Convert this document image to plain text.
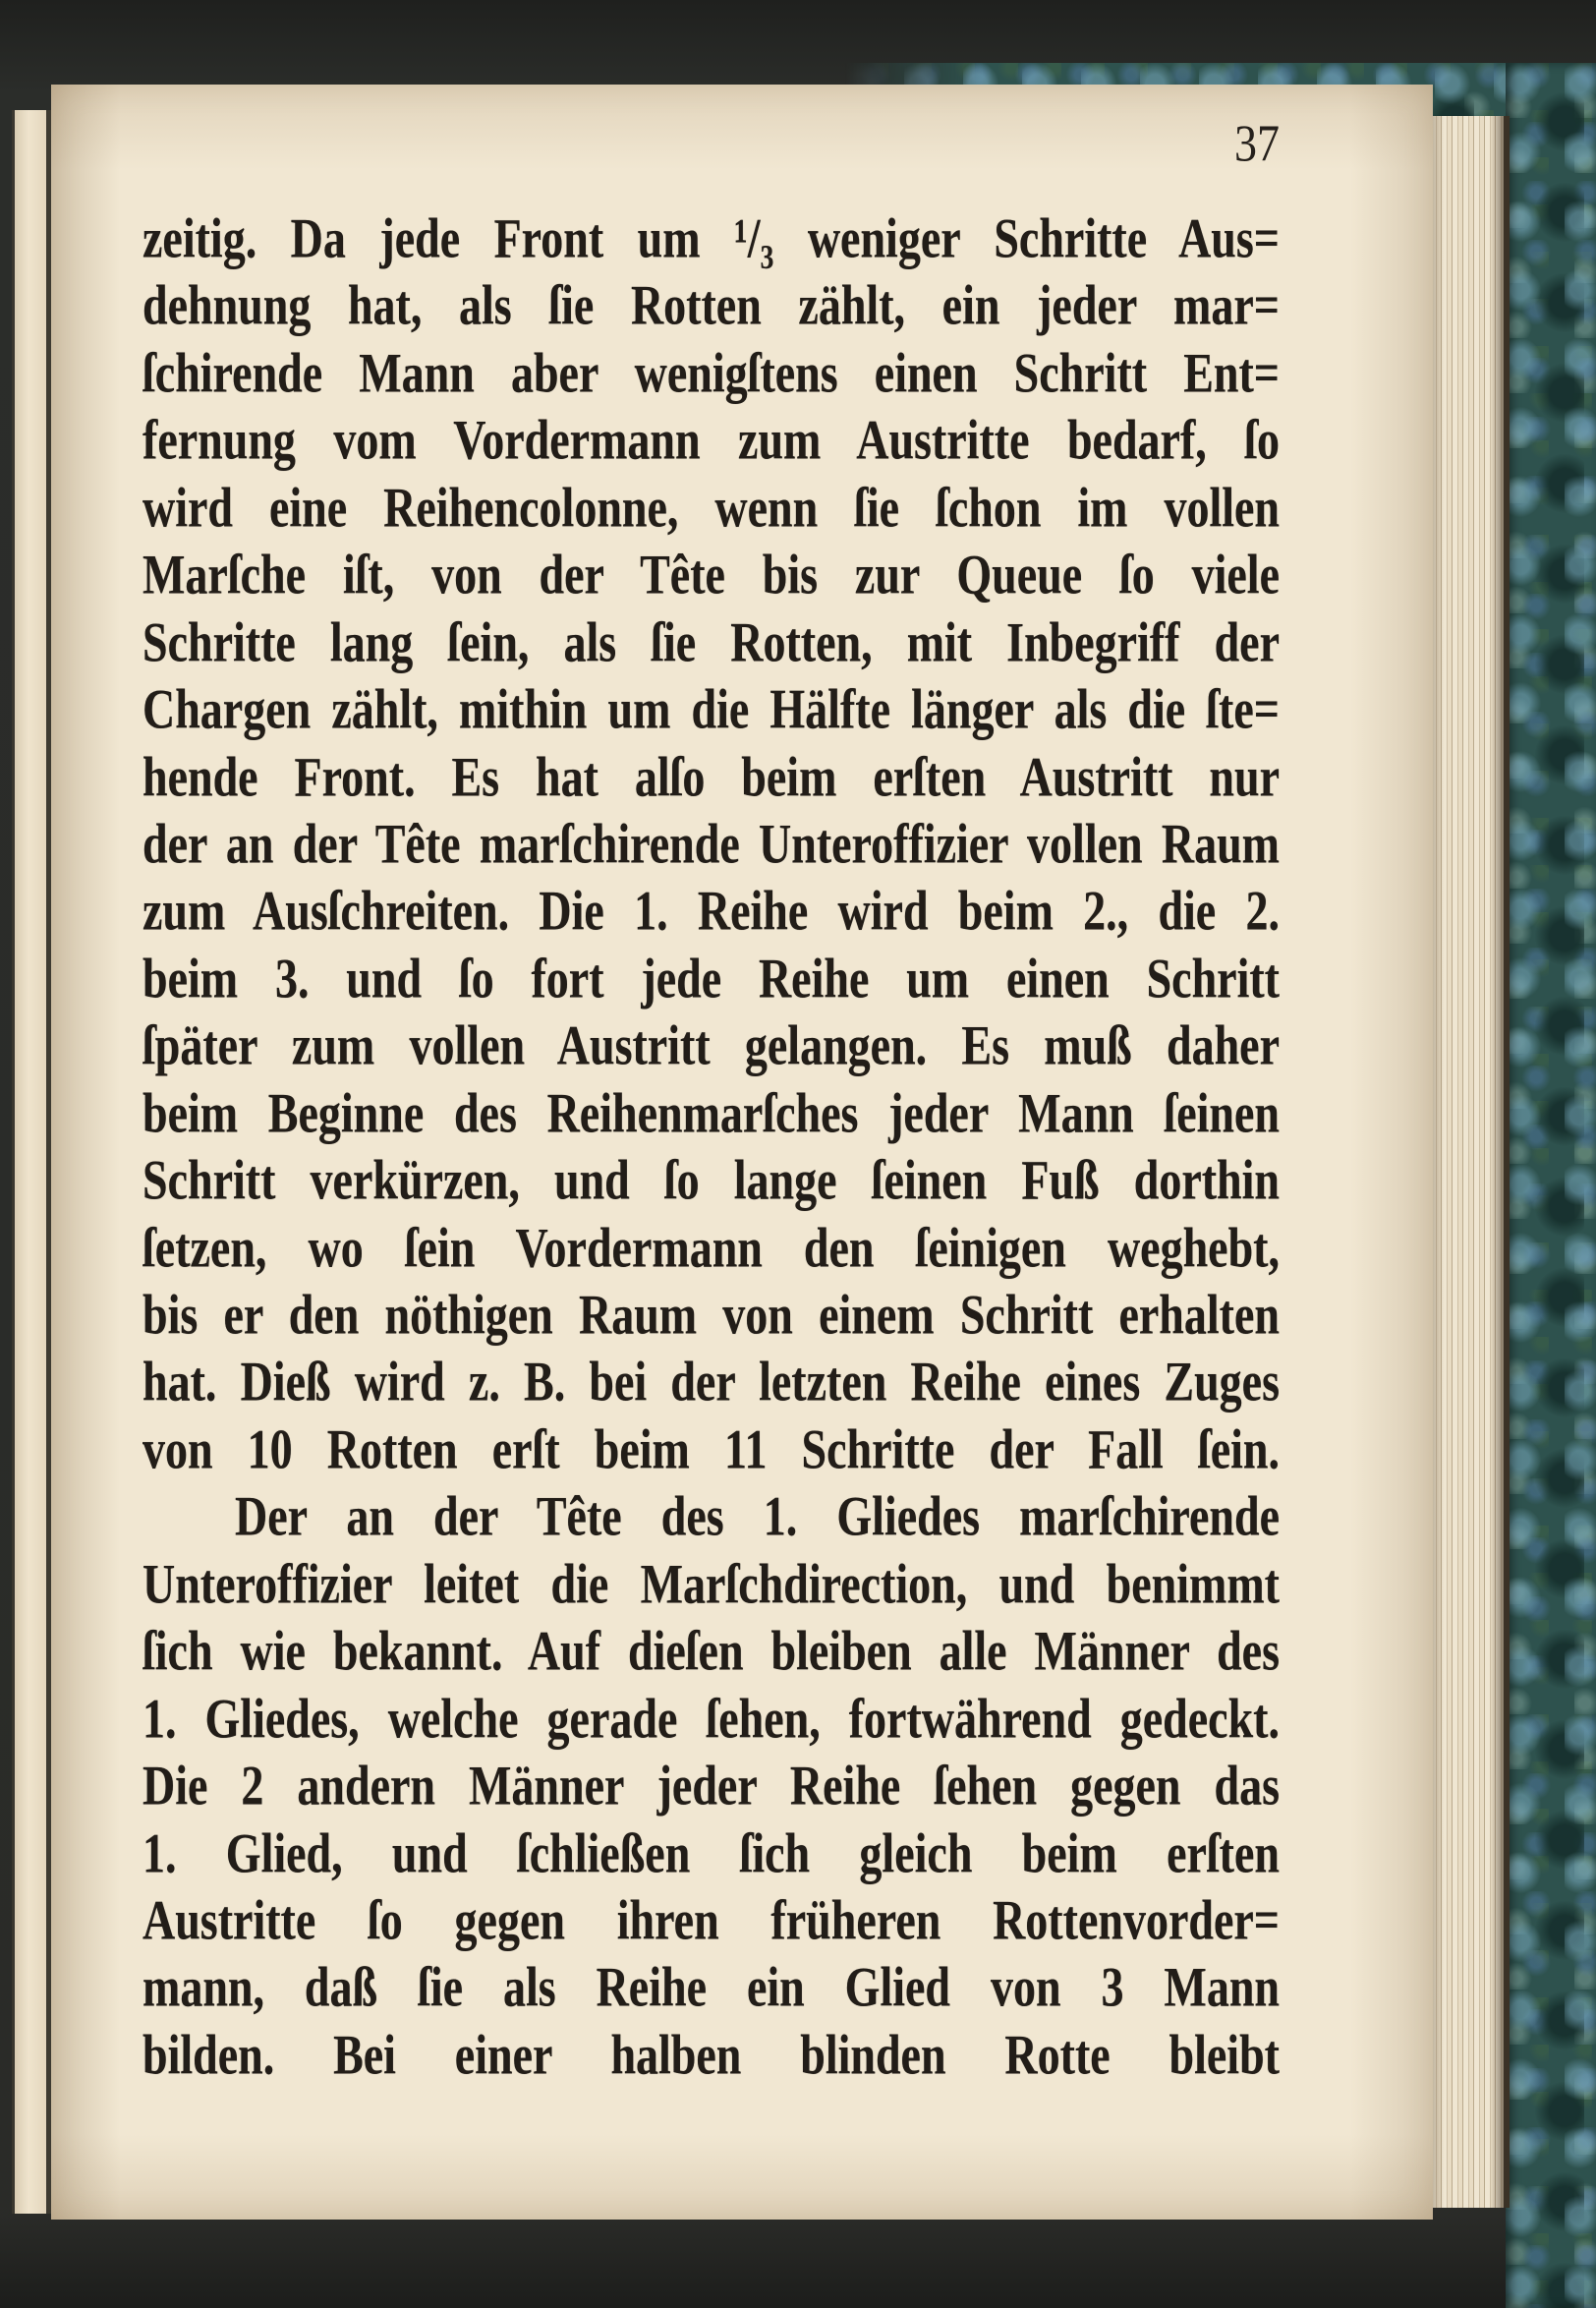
37
zeitig. Da jede Front um ¹/₃ weniger Schritte Aus=
dehnung hat, als ſie Rotten zählt, ein jeder mar=
ſchirende Mann aber wenigſtens einen Schritt Ent=
fernung vom Vordermann zum Austritte bedarf, ſo
wird eine Reihencolonne, wenn ſie ſchon im vollen
Marſche iſt, von der Tête bis zur Queue ſo viele
Schritte lang ſein, als ſie Rotten, mit Inbegriff der
Chargen zählt, mithin um die Hälfte länger als die ſte=
hende Front. Es hat alſo beim erſten Austritt nur
der an der Tête marſchirende Unteroffizier vollen Raum
zum Ausſchreiten. Die 1. Reihe wird beim 2., die 2.
beim 3. und ſo fort jede Reihe um einen Schritt
ſpäter zum vollen Austritt gelangen. Es muß daher
beim Beginne des Reihenmarſches jeder Mann ſeinen
Schritt verkürzen, und ſo lange ſeinen Fuß dorthin
ſetzen, wo ſein Vordermann den ſeinigen weghebt,
bis er den nöthigen Raum von einem Schritt erhalten
hat. Dieß wird z. B. bei der letzten Reihe eines Zuges
von 10 Rotten erſt beim 11 Schritte der Fall ſein.
Der an der Tête des 1. Gliedes marſchirende
Unteroffizier leitet die Marſchdirection, und benimmt
ſich wie bekannt. Auf dieſen bleiben alle Männer des
1. Gliedes, welche gerade ſehen, fortwährend gedeckt.
Die 2 andern Männer jeder Reihe ſehen gegen das
1. Glied, und ſchließen ſich gleich beim erſten
Austritte ſo gegen ihren früheren Rottenvorder=
mann, daß ſie als Reihe ein Glied von 3 Mann
bilden. Bei einer halben blinden Rotte bleibt
